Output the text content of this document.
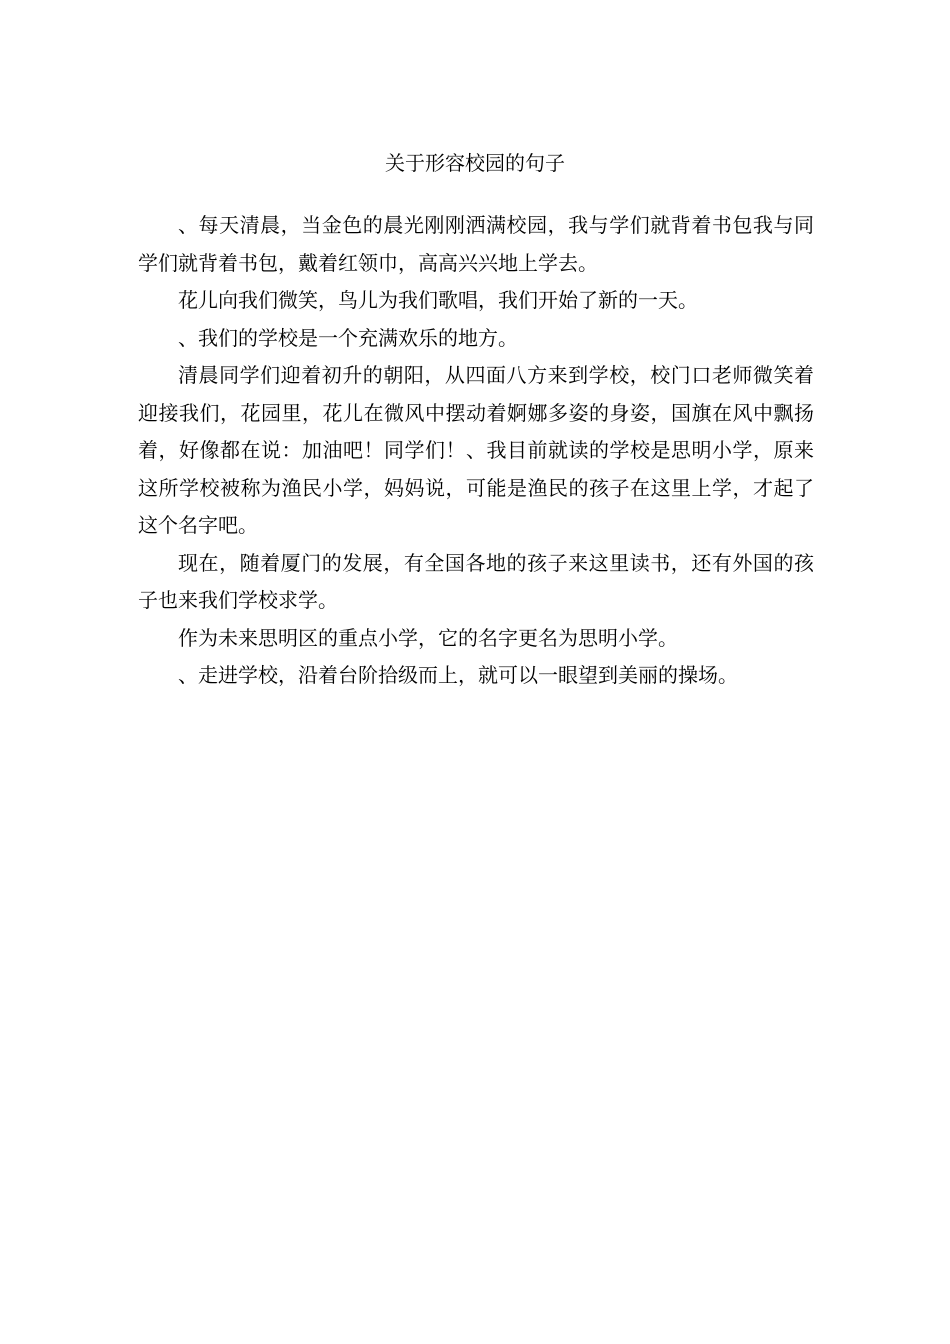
关于形容校园的句子

、每天清晨，当金色的晨光刚刚洒满校园，我与学们就背着书包我与同学们就背着书包，戴着红领巾，高高兴兴地上学去。

花儿向我们微笑，鸟儿为我们歌唱，我们开始了新的一天。

、我们的学校是一个充满欢乐的地方。

清晨同学们迎着初升的朝阳，从四面八方来到学校，校门口老师微笑着迎接我们，花园里，花儿在微风中摆动着婀娜多姿的身姿，国旗在风中飘扬着，好像都在说：加油吧！同学们！、我目前就读的学校是思明小学，原来这所学校被称为渔民小学，妈妈说，可能是渔民的孩子在这里上学，才起了这个名字吧。

现在，随着厦门的发展，有全国各地的孩子来这里读书，还有外国的孩子也来我们学校求学。

作为未来思明区的重点小学，它的名字更名为思明小学。

、走进学校，沿着台阶拾级而上，就可以一眼望到美丽的操场。
